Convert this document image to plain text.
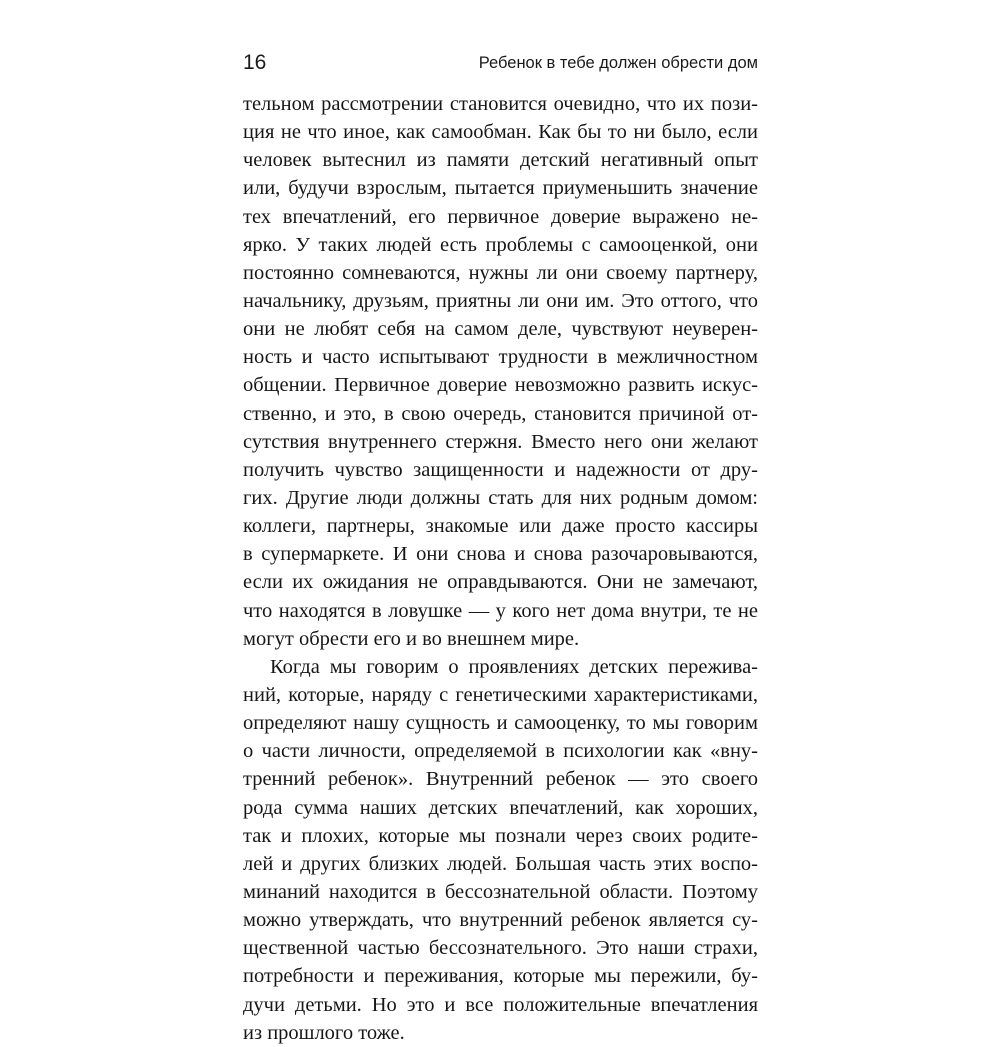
16	Ребенок в тебе должен обрести дом
тельном рассмотрении становится очевидно, что их пози-
ция не что иное, как самообман. Как бы то ни было, если
человек вытеснил из памяти детский негативный опыт
или, будучи взрослым, пытается приуменьшить значение
тех впечатлений, его первичное доверие выражено не-
ярко. У таких людей есть проблемы с самооценкой, они
постоянно сомневаются, нужны ли они своему партнеру,
начальнику, друзьям, приятны ли они им. Это оттого, что
они не любят себя на самом деле, чувствуют неуверен-
ность и часто испытывают трудности в межличностном
общении. Первичное доверие невозможно развить искус-
ственно, и это, в свою очередь, становится причиной от-
сутствия внутреннего стержня. Вместо него они желают
получить чувство защищенности и надежности от дру-
гих. Другие люди должны стать для них родным домом:
коллеги, партнеры, знакомые или даже просто кассиры
в супермаркете. И они снова и снова разочаровываются,
если их ожидания не оправдываются. Они не замечают,
что находятся в ловушке — у кого нет дома внутри, те не
могут обрести его и во внешнем мире.
Когда мы говорим о проявлениях детских пережива-
ний, которые, наряду с генетическими характеристиками,
определяют нашу сущность и самооценку, то мы говорим
о части личности, определяемой в психологии как «вну-
тренний ребенок». Внутренний ребенок — это своего
рода сумма наших детских впечатлений, как хороших,
так и плохих, которые мы познали через своих родите-
лей и других близких людей. Большая часть этих воспо-
минаний находится в бессознательной области. Поэтому
можно утверждать, что внутренний ребенок является су-
щественной частью бессознательного. Это наши страхи,
потребности и переживания, которые мы пережили, бу-
дучи детьми. Но это и все положительные впечатления
из прошлого тоже.
